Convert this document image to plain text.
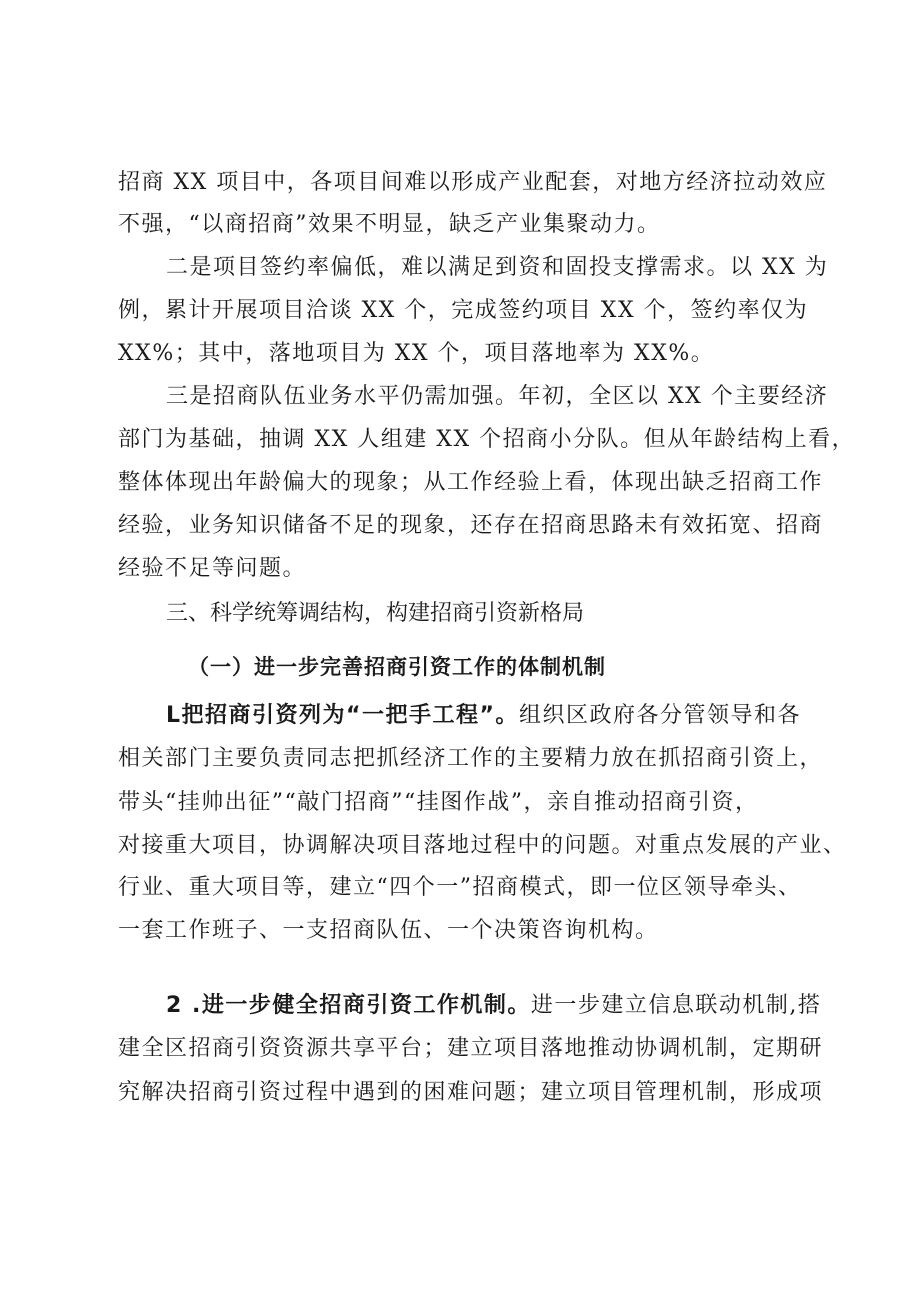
招商 XX 项目中，各项目间难以形成产业配套，对地方经济拉动效应
不强，“以商招商”效果不明显，缺乏产业集聚动力。
二是项目签约率偏低，难以满足到资和固投支撑需求。以 XX 为
例，累计开展项目洽谈 XX 个，完成签约项目 XX 个，签约率仅为
XX%；其中，落地项目为 XX 个，项目落地率为 XX%。
三是招商队伍业务水平仍需加强。年初，全区以 XX 个主要经济
部门为基础，抽调 XX 人组建 XX 个招商小分队。但从年龄结构上看，
整体体现出年龄偏大的现象；从工作经验上看，体现出缺乏招商工作
经验，业务知识储备不足的现象，还存在招商思路未有效拓宽、招商
经验不足等问题。
三、科学统筹调结构，构建招商引资新格局
（一）进一步完善招商引资工作的体制机制
L把招商引资列为“一把手工程”。组织区政府各分管领导和各
相关部门主要负责同志把抓经济工作的主要精力放在抓招商引资上，
带头“挂帅出征”“敲门招商”“挂图作战”，亲自推动招商引资，
对接重大项目，协调解决项目落地过程中的问题。对重点发展的产业、
行业、重大项目等，建立“四个一”招商模式，即一位区领导牵头、
一套工作班子、一支招商队伍、一个决策咨询机构。
2 .进一步健全招商引资工作机制。进一步建立信息联动机制,搭
建全区招商引资资源共享平台；建立项目落地推动协调机制，定期研
究解决招商引资过程中遇到的困难问题；建立项目管理机制，形成项
